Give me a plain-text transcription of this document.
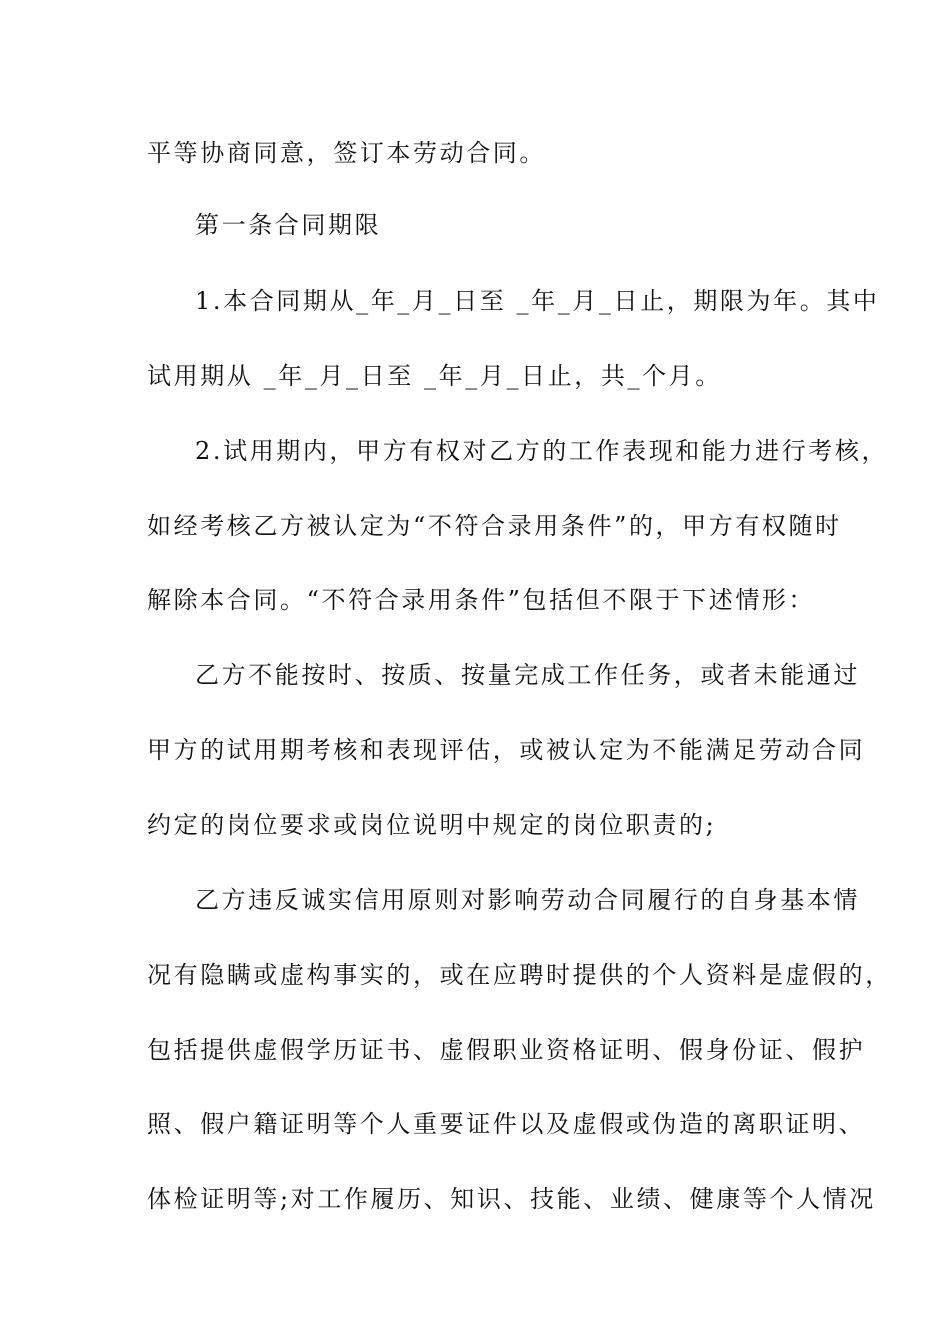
平等协商同意，签订本劳动合同。
第一条合同期限
1.本合同期从_年_月_日至 _年_月_日止，期限为年。其中
试用期从 _年_月_日至 _年_月_日止，共_个月。
2.试用期内，甲方有权对乙方的工作表现和能力进行考核，
如经考核乙方被认定为“不符合录用条件”的，甲方有权随时
解除本合同。“不符合录用条件”包括但不限于下述情形：
乙方不能按时、按质、按量完成工作任务，或者未能通过
甲方的试用期考核和表现评估，或被认定为不能满足劳动合同
约定的岗位要求或岗位说明中规定的岗位职责的;
乙方违反诚实信用原则对影响劳动合同履行的自身基本情
况有隐瞒或虚构事实的，或在应聘时提供的个人资料是虚假的，
包括提供虚假学历证书、虚假职业资格证明、假身份证、假护
照、假户籍证明等个人重要证件以及虚假或伪造的离职证明、
体检证明等;对工作履历、知识、技能、业绩、健康等个人情况
